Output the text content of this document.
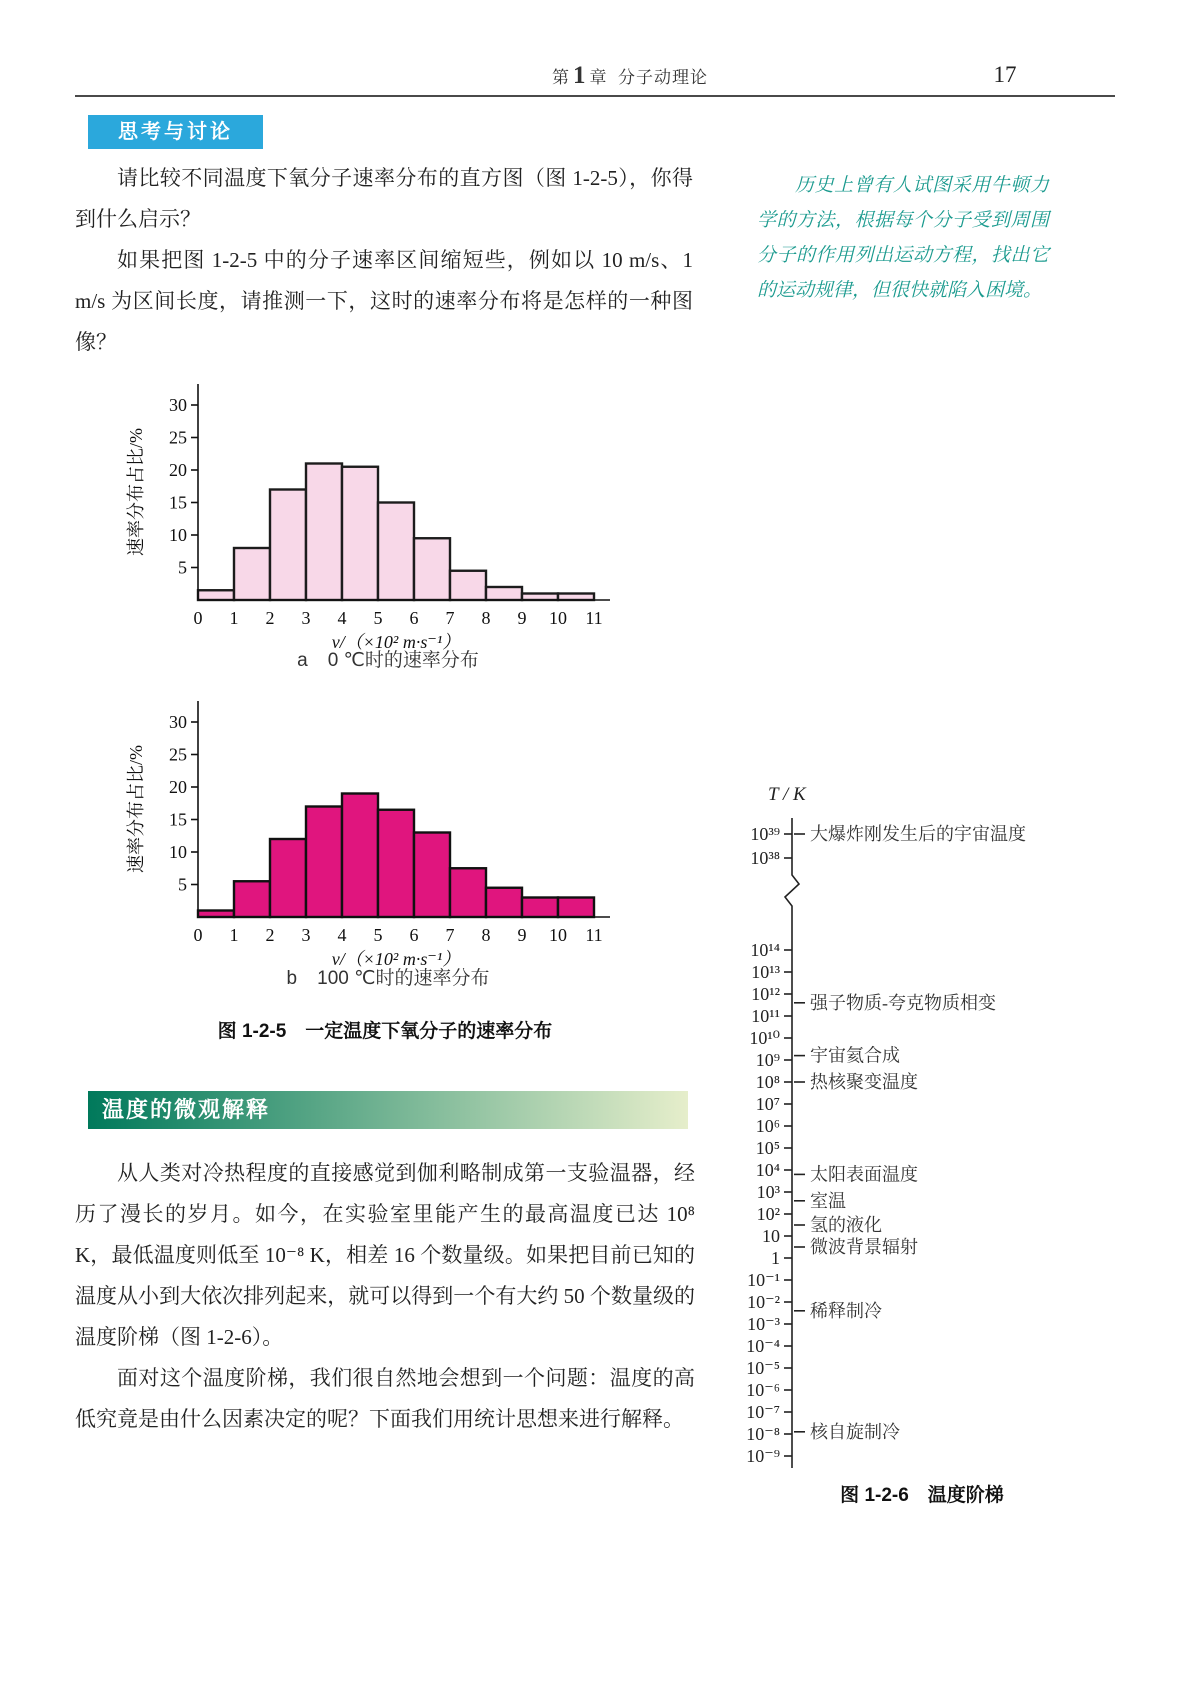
第 1 章 分子动理论	17
思考与讨论

请比较不同温度下氧分子速率分布的直方图（图 1-2-5），你得到什么启示？

如果把图 1-2-5 中的分子速率区间缩短些，例如以 10 m/s、1 m/s 为区间长度，请推测一下，这时的速率分布将是怎样的一种图像？

历史上曾有人试图采用牛顿力学的方法，根据每个分子受到周围分子的作用列出运动方程，找出它的运动规律，但很快就陷入困境。
5
10
15
20
25
30
0 1 2 3 4 5 6 7 8 9 10 11
v/（×10² m·s⁻¹）
速率分布占比/%
a 0 ℃时的速率分布
5
10
15
20
25
30
0 1 2 3 4 5 6 7 8 9 10 11
v/（×10² m·s⁻¹）
速率分布占比/%
b 100 ℃时的速率分布
图 1-2-5　一定温度下氧分子的速率分布
温度的微观解释

从人类对冷热程度的直接感觉到伽利略制成第一支验温器，经历了漫长的岁月。如今，在实验室里能产生的最高温度已达 10⁸ K，最低温度则低至 10⁻⁸ K，相差 16 个数量级。如果把目前已知的温度从小到大依次排列起来，就可以得到一个有大约 50 个数量级的温度阶梯（图 1-2-6）。

面对这个温度阶梯，我们很自然地会想到一个问题：温度的高低究竟是由什么因素决定的呢？下面我们用统计思想来进行解释。

T / K
10³⁹ 大爆炸刚发生后的宇宙温度
10³⁸
10¹⁴
10¹³
10¹²
10¹¹
10¹⁰
10⁹
10⁸
10⁷
10⁶
10⁵
10⁴
10³
10²
10
1
10⁻¹
10⁻²
10⁻³
10⁻⁴
10⁻⁵
10⁻⁶
10⁻⁷
10⁻⁸
10⁻⁹
强子物质-夸克物质相变
宇宙氦合成
热核聚变温度
太阳表面温度
室温
氢的液化
微波背景辐射
稀释制冷
核自旋制冷
图 1-2-6　温度阶梯
